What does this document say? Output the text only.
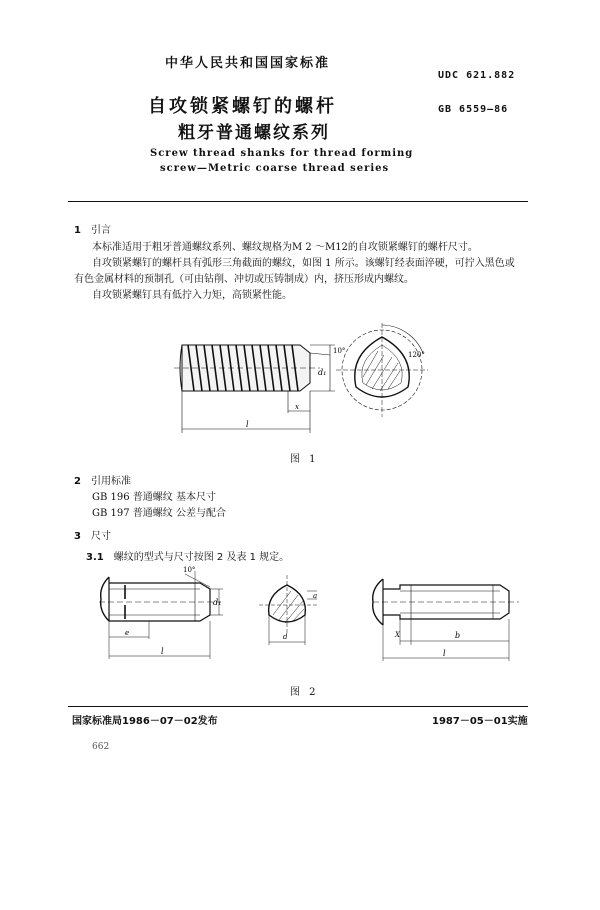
中华人民共和国国家标准
UDC 621.882
GB 6559—86
自攻锁紧螺钉的螺杆
粗牙普通螺纹系列
Screw thread shanks for thread forming
screw—Metric coarse thread series
1 引言
本标准适用于粗牙普通螺纹系列、螺纹规格为M 2 ～M12的自攻锁紧螺钉的螺杆尺寸。
自攻锁紧螺钉的螺杆具有弧形三角截面的螺纹，如图 1 所示。该螺钉经表面淬硬，可拧入黑色或
有色金属材料的预制孔（可由钻削、冲切或压铸制成）内，挤压形成内螺纹。
自攻锁紧螺钉具有低拧入力矩，高锁紧性能。
10°
d₁
x
l
120°
图 1
2 引用标准
GB 196 普通螺纹 基本尺寸
GB 197 普通螺纹 公差与配合
3 尺寸
3.1 螺纹的型式与尺寸按图 2 及表 1 规定。
10°
d₁
e
l
d
a
X	b
l
图 2
国家标准局1986－07－02发布	1987－05－01实施
662
